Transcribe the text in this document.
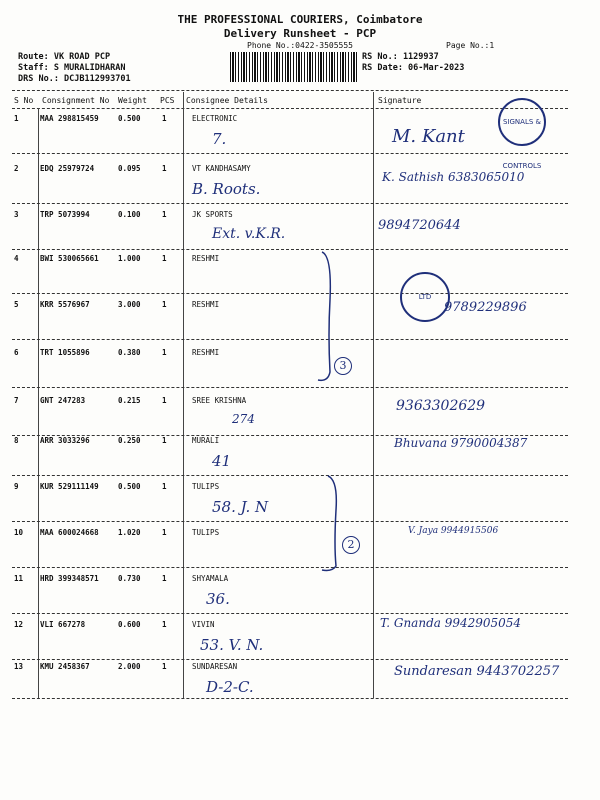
THE PROFESSIONAL COURIERS, Coimbatore
Delivery Runsheet - PCP
Phone No.:0422-3505555	Page No.:1
Route: VK ROAD PCP
Staff: S MURALIDHARAN
DRS No.: DCJB112993701
RS No.: 1129937
RS Date: 06-Mar-2023
S No Consignment No Weight PCS Consignee Details	Signature
1	MAA 298815459	0.500	1	ELECTRONIC
7.	M. Kant
2	EDQ 25979724	0.095	1	VT KANDHASAMY
B. Roots.
K. Sathish 6383065010
3	TRP 5073994	0.100	1	JK SPORTS
Ext. v.K.R.
9894720644
4	BWI 530065661	1.000	1	RESHMI
5	KRR 5576967	3.000	1	RESHMI	9789229896
6	TRT 1055896	0.380	1	RESHMI
7	GNT 247283	0.215	1	SREE KRISHNA
274
9363302629
8	ARR 3033296	0.250	1	MURALI
41
Bhuvana 9790004387
9	KUR 529111149	0.500	1	TULIPS
58. J. N
10 MAA 600024668	1.020	1	TULIPS	V. Jaya 9944915506
11 HRD 399348571	0.730	1	SHYAMALA
36.
12 VLI 667278	0.600	1	VIVIN
53. V. N.
T. Gnanda 9942905054
13 KMU 2458367	2.000	1	SUNDARESAN
D-2-C.
Sundaresan 9443702257
SIGNALS & CONTROLS
LTD
3
2
